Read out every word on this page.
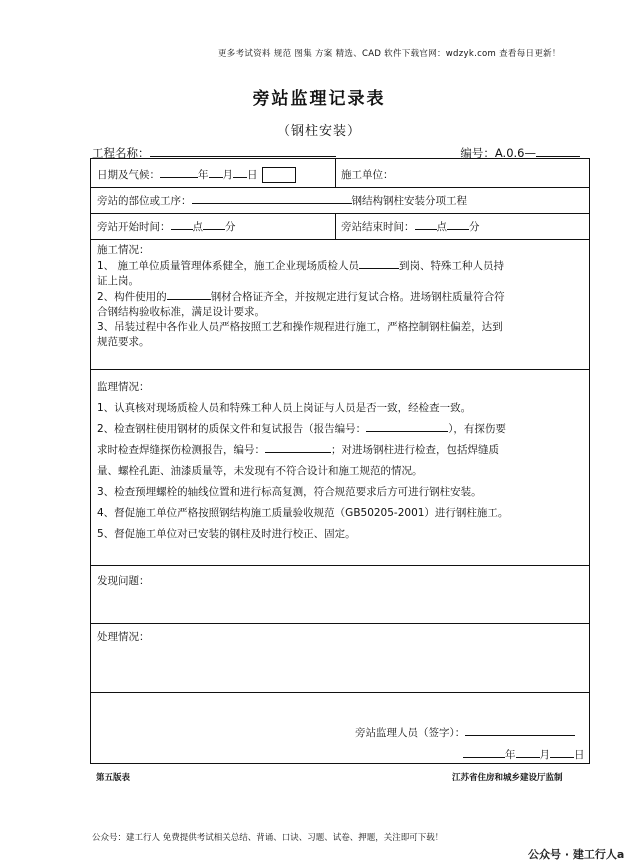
更多考试资料 规范 图集 方案 精选、CAD 软件下载官网：wdzyk.com 查看每日更新！
旁站监理记录表
（钢柱安装）
工程名称：	编号：A.0.6—
日期及气候：	年 月 日	施工单位：
旁站的部位或工序：	钢结构钢柱安装分项工程
旁站开始时间： 点 分	旁站结束时间： 点 分
施工情况：
1、 施工单位质量管理体系健全，施工企业现场质检人员	到岗、特殊工种人员持
证上岗。
2、构件使用的	钢材合格证齐全，并按规定进行复试合格。进场钢柱质量符合符
合钢结构验收标准，满足设计要求。
3、吊装过程中各作业人员严格按照工艺和操作规程进行施工，严格控制钢柱偏差，达到
规范要求。
监理情况：
1、认真核对现场质检人员和特殊工种人员上岗证与人员是否一致，经检查一致。
2、检查钢柱使用钢材的质保文件和复试报告（报告编号：	），有探伤要
求时检查焊缝探伤检测报告，编号：	；对进场钢柱进行检查，包括焊缝质
量、螺栓孔距、油漆质量等，未发现有不符合设计和施工规范的情况。
3、检查预埋螺栓的轴线位置和进行标高复测，符合规范要求后方可进行钢柱安装。
4、督促施工单位严格按照钢结构施工质量验收规范（GB50205-2001）进行钢柱施工。
5、督促施工单位对已安装的钢柱及时进行校正、固定。
发现问题：
处理情况：
旁站监理人员（签字）：
年 月 日
第五版表	江苏省住房和城乡建设厅监制
公众号：建工行人 免费提供考试相关总结、背诵、口诀、习题、试卷、押题，关注即可下载！
公众号 · 建工行人a
